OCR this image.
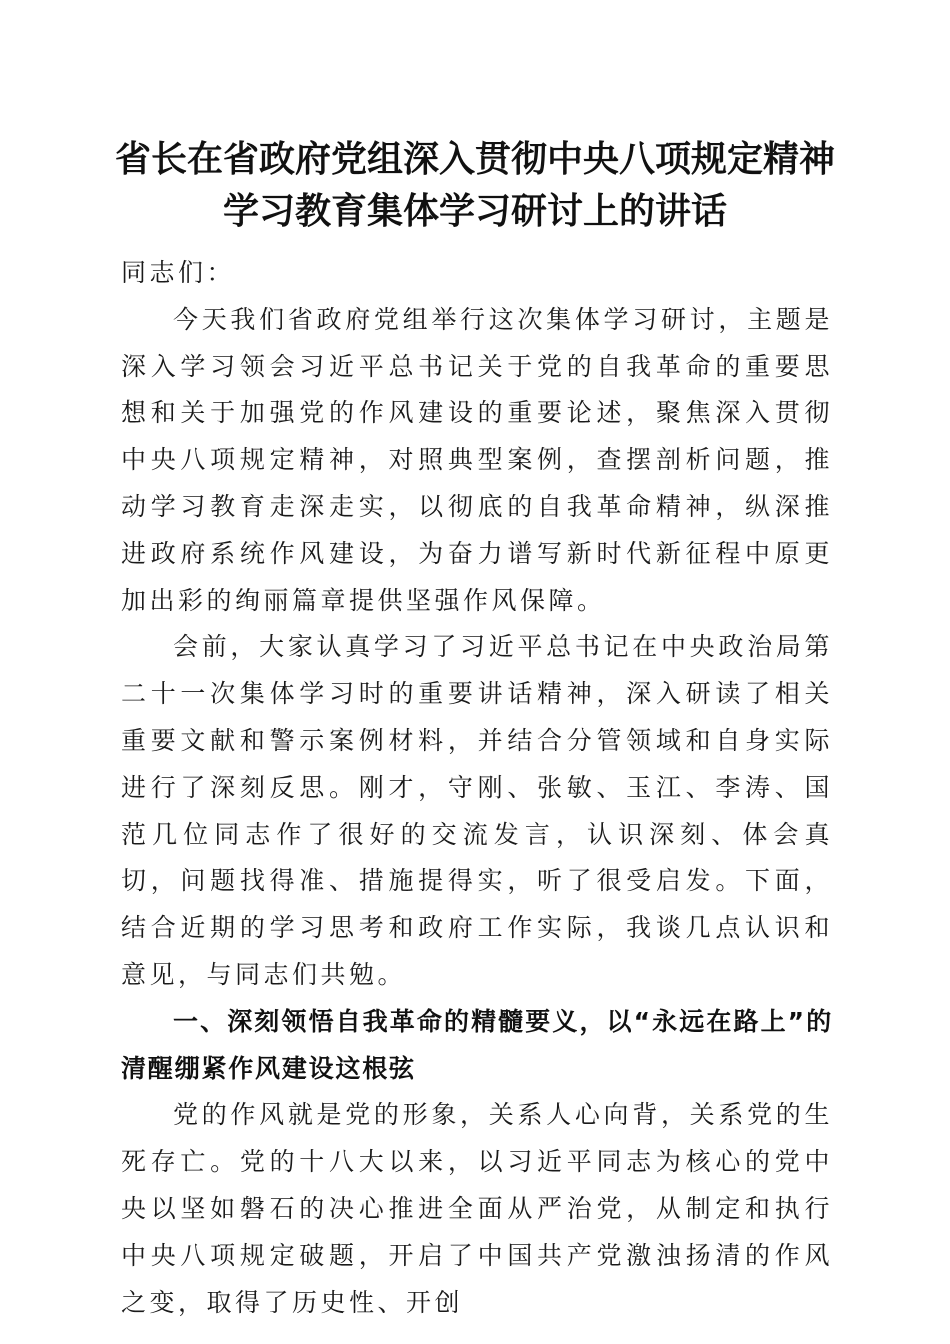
省长在省政府党组深入贯彻中央八项规定精神
学习教育集体学习研讨上的讲话

同志们：

今天我们省政府党组举行这次集体学习研讨，主题是深入学习领会习近平总书记关于党的自我革命的重要思想和关于加强党的作风建设的重要论述，聚焦深入贯彻中央八项规定精神，对照典型案例，查摆剖析问题，推动学习教育走深走实，以彻底的自我革命精神，纵深推进政府系统作风建设，为奋力谱写新时代新征程中原更加出彩的绚丽篇章提供坚强作风保障。

会前，大家认真学习了习近平总书记在中央政治局第二十一次集体学习时的重要讲话精神，深入研读了相关重要文献和警示案例材料，并结合分管领域和自身实际进行了深刻反思。刚才，守刚、张敏、玉江、李涛、国范几位同志作了很好的交流发言，认识深刻、体会真切，问题找得准、措施提得实，听了很受启发。下面，结合近期的学习思考和政府工作实际，我谈几点认识和意见，与同志们共勉。

一、深刻领悟自我革命的精髓要义，以“永远在路上”的清醒绷紧作风建设这根弦

党的作风就是党的形象，关系人心向背，关系党的生死存亡。党的十八大以来，以习近平同志为核心的党中央以坚如磐石的决心推进全面从严治党，从制定和执行中央八项规定破题，开启了中国共产党激浊扬清的作风之变，取得了历史性、开创
